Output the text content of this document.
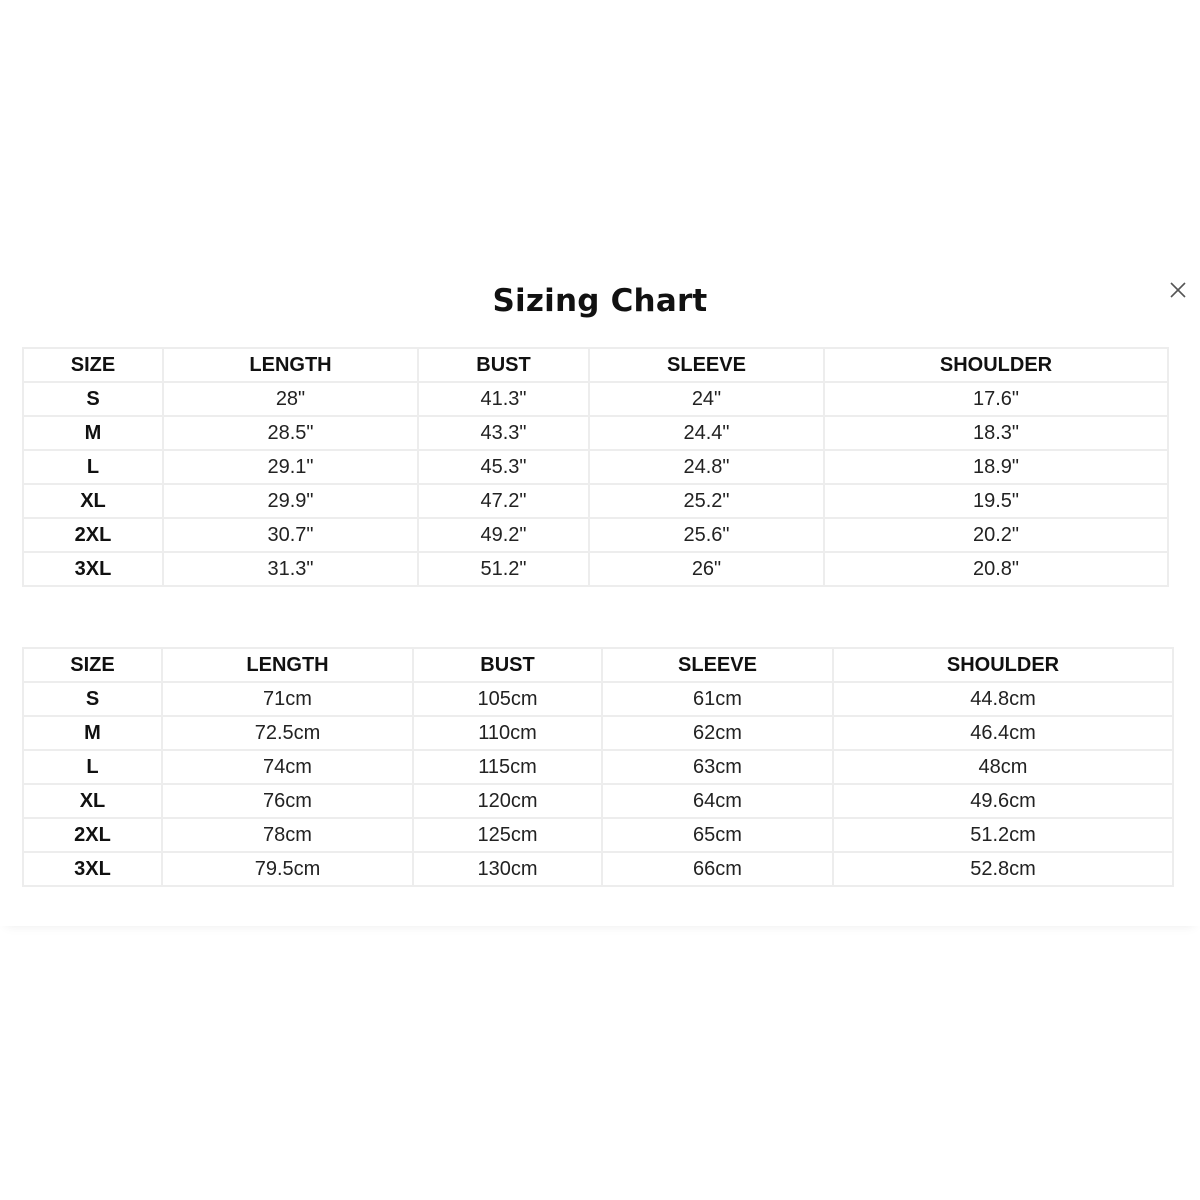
Sizing Chart
SIZE	LENGTH	BUST	SLEEVE	SHOULDER
S	28"	41.3"	24"	17.6"
M	28.5"	43.3"	24.4"	18.3"
L	29.1"	45.3"	24.8"	18.9"
XL	29.9"	47.2"	25.2"	19.5"
2XL	30.7"	49.2"	25.6"	20.2"
3XL	31.3"	51.2"	26"	20.8"
SIZE	LENGTH	BUST	SLEEVE	SHOULDER
S	71cm	105cm	61cm	44.8cm
M	72.5cm	110cm	62cm	46.4cm
L	74cm	115cm	63cm	48cm
XL	76cm	120cm	64cm	49.6cm
2XL	78cm	125cm	65cm	51.2cm
3XL	79.5cm	130cm	66cm	52.8cm
